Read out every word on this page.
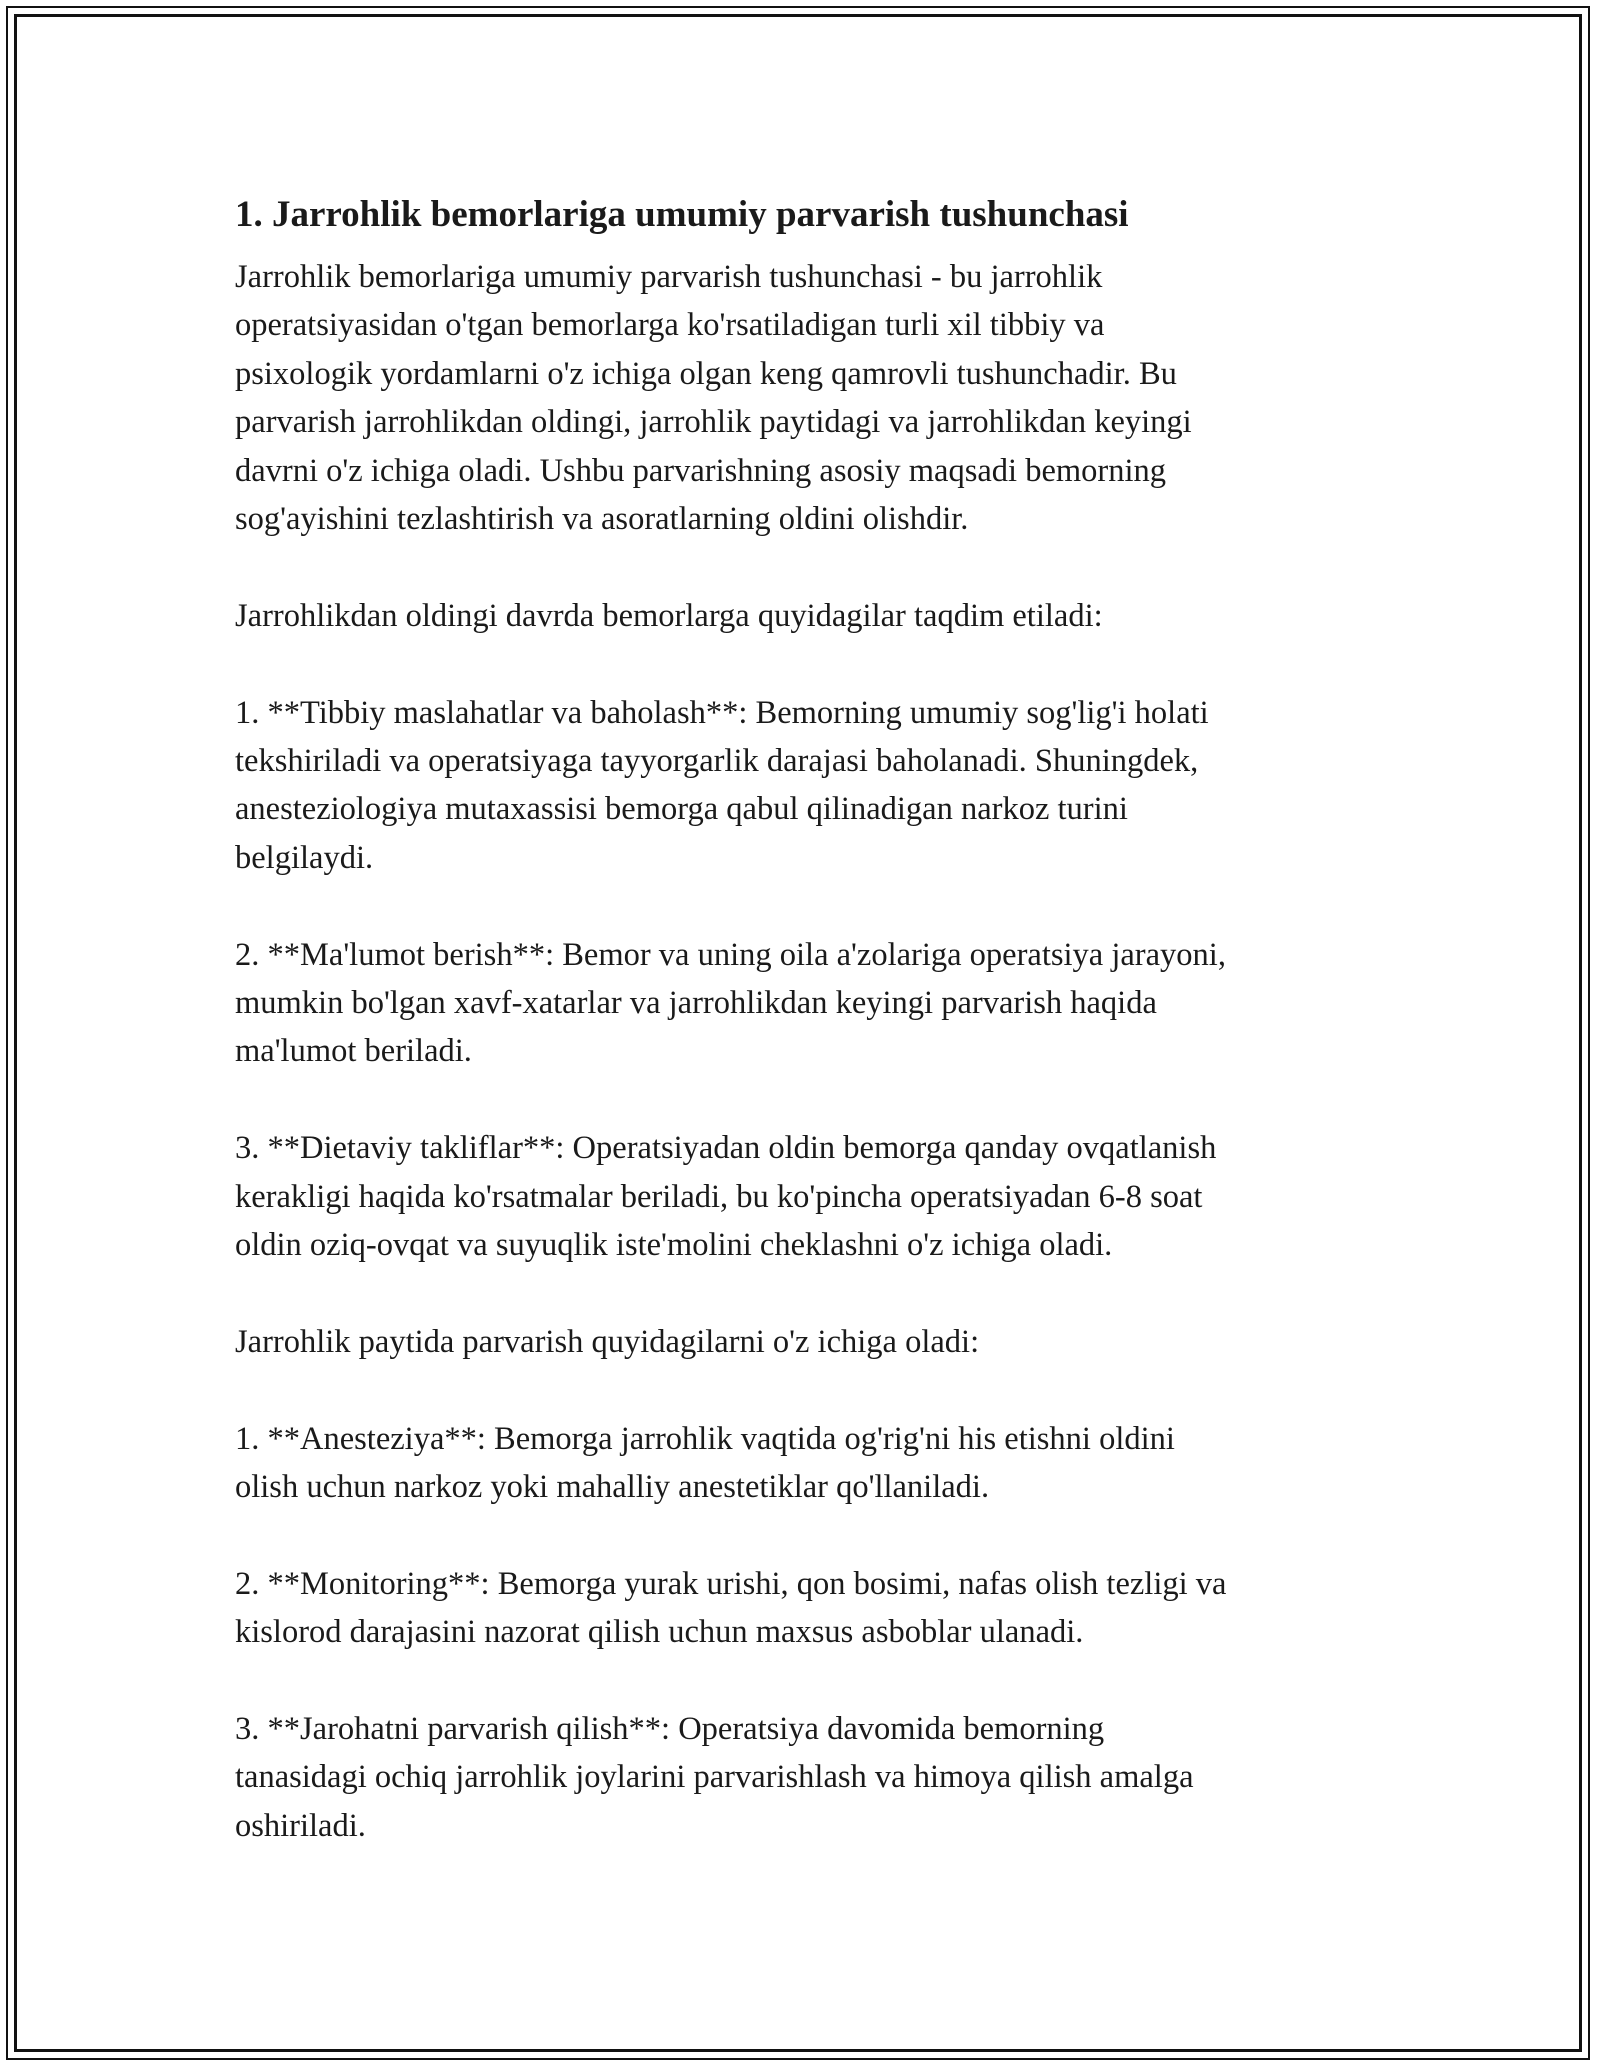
1. Jarrohlik bemorlariga umumiy parvarish tushunchasi
Jarrohlik bemorlariga umumiy parvarish tushunchasi - bu jarrohlik
operatsiyasidan o'tgan bemorlarga ko'rsatiladigan turli xil tibbiy va
psixologik yordamlarni o'z ichiga olgan keng qamrovli tushunchadir. Bu
parvarish jarrohlikdan oldingi, jarrohlik paytidagi va jarrohlikdan keyingi
davrni o'z ichiga oladi. Ushbu parvarishning asosiy maqsadi bemorning
sog'ayishini tezlashtirish va asoratlarning oldini olishdir.
Jarrohlikdan oldingi davrda bemorlarga quyidagilar taqdim etiladi:
1. **Tibbiy maslahatlar va baholash**: Bemorning umumiy sog'lig'i holati
tekshiriladi va operatsiyaga tayyorgarlik darajasi baholanadi. Shuningdek,
anesteziologiya mutaxassisi bemorga qabul qilinadigan narkoz turini
belgilaydi.
2. **Ma'lumot berish**: Bemor va uning oila a'zolariga operatsiya jarayoni,
mumkin bo'lgan xavf-xatarlar va jarrohlikdan keyingi parvarish haqida
ma'lumot beriladi.
3. **Dietaviy takliflar**: Operatsiyadan oldin bemorga qanday ovqatlanish
kerakligi haqida ko'rsatmalar beriladi, bu ko'pincha operatsiyadan 6-8 soat
oldin oziq-ovqat va suyuqlik iste'molini cheklashni o'z ichiga oladi.
Jarrohlik paytida parvarish quyidagilarni o'z ichiga oladi:
1. **Anesteziya**: Bemorga jarrohlik vaqtida og'rig'ni his etishni oldini
olish uchun narkoz yoki mahalliy anestetiklar qo'llaniladi.
2. **Monitoring**: Bemorga yurak urishi, qon bosimi, nafas olish tezligi va
kislorod darajasini nazorat qilish uchun maxsus asboblar ulanadi.
3. **Jarohatni parvarish qilish**: Operatsiya davomida bemorning
tanasidagi ochiq jarrohlik joylarini parvarishlash va himoya qilish amalga
oshiriladi.
